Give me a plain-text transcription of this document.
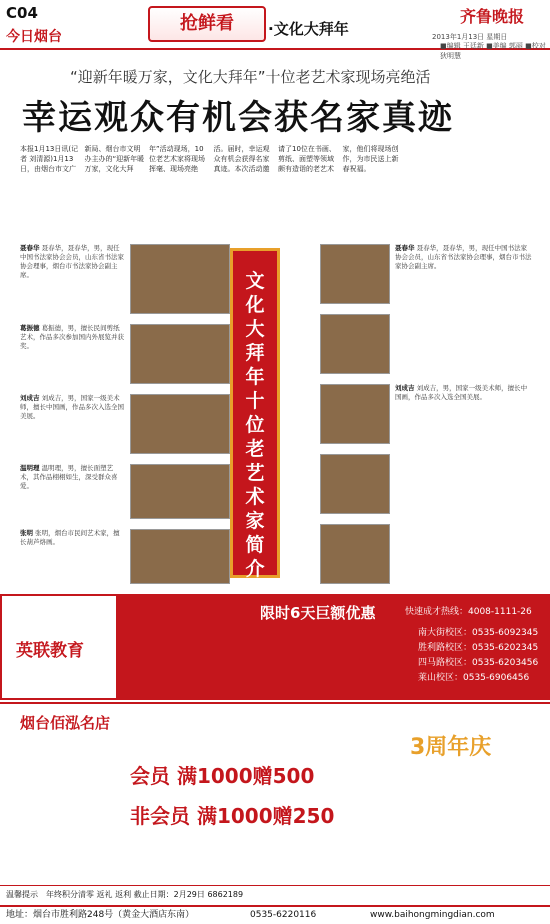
C04
今日烟台
抢鲜看	·文化大拜年
齐鲁晚报
2013年1月13日 星期日
■编辑 王廷新 ■美编 郭丽 ■校对 狄明慧
“迎新年暖万家，文化大拜年”十位老艺术家现场亮绝活
幸运观众有机会获名家真迹
本报1月13日讯(记者 刘清源)1月13日，由烟台市文广新局、烟台市文明办主办的“迎新年暖万家，文化大拜年”活动现场，10位老艺术家将现场挥毫、现场亮绝活。届时，幸运观众有机会获得名家真迹。本次活动邀请了10位在书画、剪纸、面塑等领域颇有造诣的老艺术家，他们将现场创作，为市民送上新春祝福。
聂春华 聂春华，聂春华，男，现任中国书法家协会会员，山东省书法家协会理事，烟台市书法家协会副主席。
葛振德 葛振德，男，擅长民间剪纸艺术，作品多次参加国内外展览并获奖。
刘成吉 刘成吉，男，国家一级美术师，擅长中国画，作品多次入选全国美展。
温明理 温明理，男，擅长面塑艺术，其作品栩栩如生，深受群众喜爱。
张明 张明，烟台市民间艺术家，擅长葫芦烙画。
聂春华 聂春华，聂春华，男，现任中国书法家协会会员，山东省书法家协会理事，烟台市书法家协会副主席。
刘成吉 刘成吉，男，国家一级美术师，擅长中国画，作品多次入选全国美展。
文化大拜年 十位老艺术家简介
英联教育
限时6天巨额优惠	快速成才热线：4008-1111-26
南大街校区：0535-6092345
胜利路校区：0535-6202345
四马路校区：0535-6203456
莱山校区：0535-6906456
烟台佰泓名店
会员 满1000赠500
非会员 满1000赠250
3周年庆
温馨提示　年终积分清零 返礼 返利 截止日期：2月29日 6862189
地址：烟台市胜利路248号（黄金大酒店东南）	0535-6220116	www.baihongmingdian.com
